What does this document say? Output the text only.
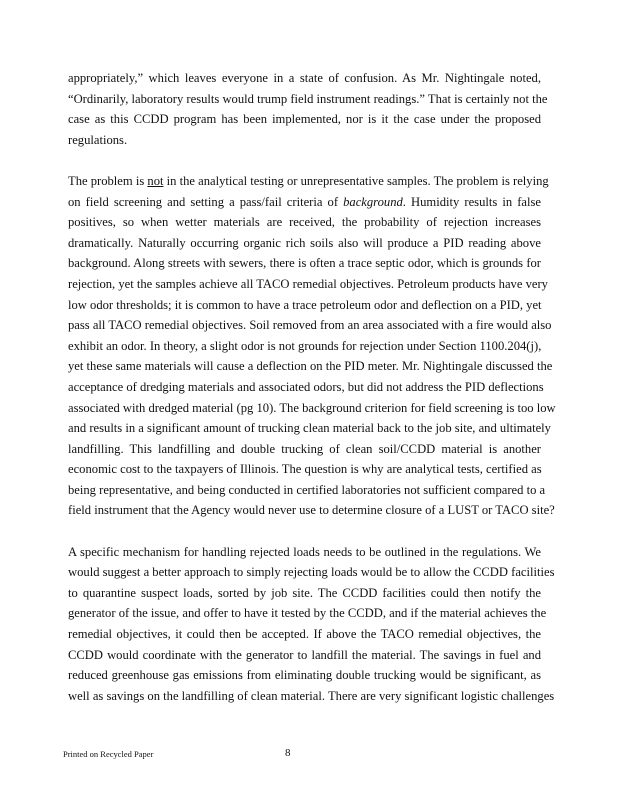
appropriately,” which leaves everyone in a state of confusion. As Mr. Nightingale noted,
“Ordinarily, laboratory results would trump field instrument readings.” That is certainly not the
case as this CCDD program has been implemented, nor is it the case under the proposed
regulations.
The problem is not in the analytical testing or unrepresentative samples. The problem is relying
on field screening and setting a pass/fail criteria of background. Humidity results in false
positives, so when wetter materials are received, the probability of rejection increases
dramatically. Naturally occurring organic rich soils also will produce a PID reading above
background. Along streets with sewers, there is often a trace septic odor, which is grounds for
rejection, yet the samples achieve all TACO remedial objectives. Petroleum products have very
low odor thresholds; it is common to have a trace petroleum odor and deflection on a PID, yet
pass all TACO remedial objectives. Soil removed from an area associated with a fire would also
exhibit an odor. In theory, a slight odor is not grounds for rejection under Section 1100.204(j),
yet these same materials will cause a deflection on the PID meter. Mr. Nightingale discussed the
acceptance of dredging materials and associated odors, but did not address the PID deflections
associated with dredged material (pg 10). The background criterion for field screening is too low
and results in a significant amount of trucking clean material back to the job site, and ultimately
landfilling. This landfilling and double trucking of clean soil/CCDD material is another
economic cost to the taxpayers of Illinois. The question is why are analytical tests, certified as
being representative, and being conducted in certified laboratories not sufficient compared to a
field instrument that the Agency would never use to determine closure of a LUST or TACO site?
A specific mechanism for handling rejected loads needs to be outlined in the regulations. We
would suggest a better approach to simply rejecting loads would be to allow the CCDD facilities
to quarantine suspect loads, sorted by job site. The CCDD facilities could then notify the
generator of the issue, and offer to have it tested by the CCDD, and if the material achieves the
remedial objectives, it could then be accepted. If above the TACO remedial objectives, the
CCDD would coordinate with the generator to landfill the material. The savings in fuel and
reduced greenhouse gas emissions from eliminating double trucking would be significant, as
well as savings on the landfilling of clean material. There are very significant logistic challenges
Printed on Recycled Paper	8
